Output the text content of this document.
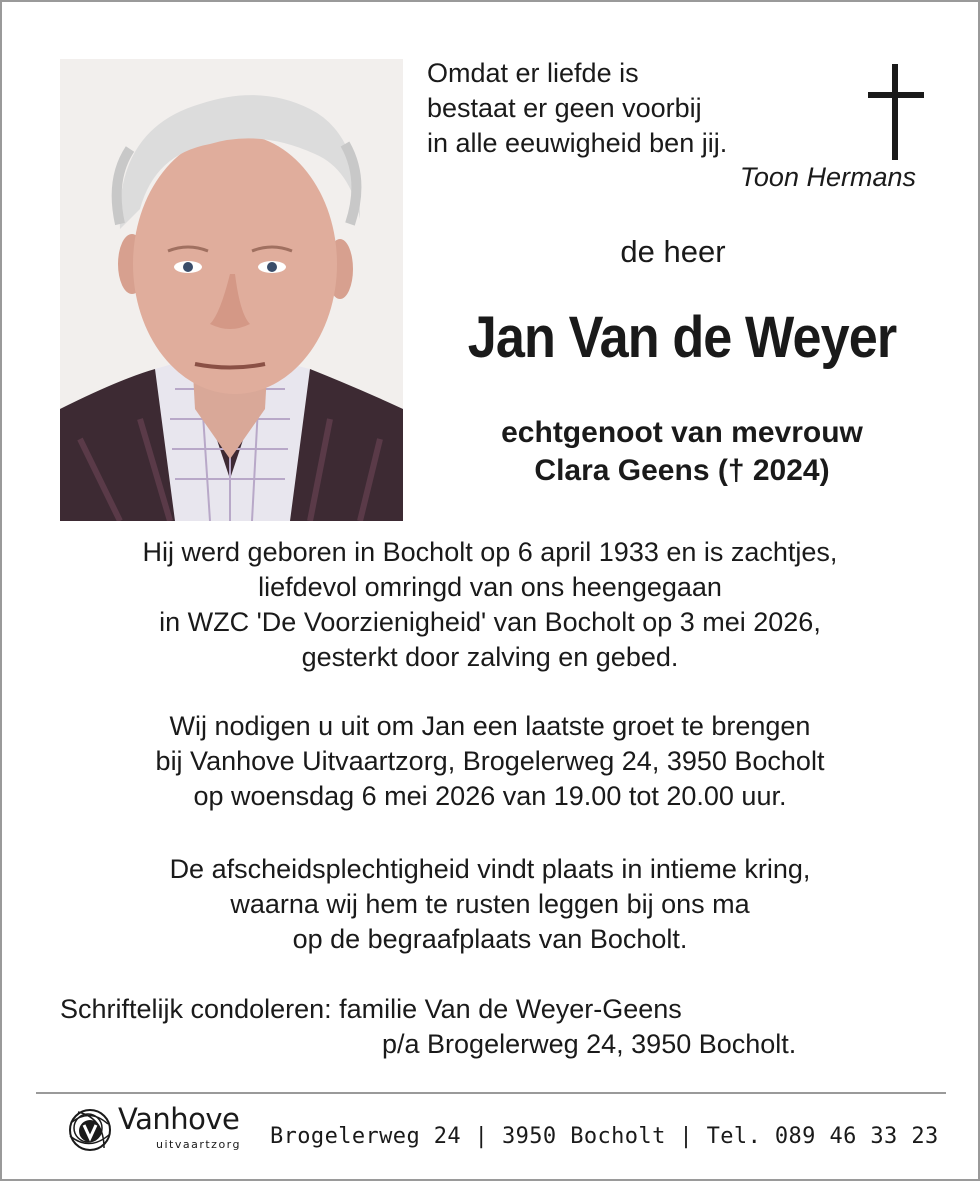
Omdat er liefde is
bestaat er geen voorbij
in alle eeuwigheid ben jij.
Toon Hermans
de heer
Jan Van de Weyer
echtgenoot van mevrouw
Clara Geens († 2024)
Hij werd geboren in Bocholt op 6 april 1933 en is zachtjes,
liefdevol omringd van ons heengegaan
in WZC 'De Voorzienigheid' van Bocholt op 3 mei 2026,
gesterkt door zalving en gebed.
Wij nodigen u uit om Jan een laatste groet te brengen
bij Vanhove Uitvaartzorg, Brogelerweg 24, 3950 Bocholt
op woensdag 6 mei 2026 van 19.00 tot 20.00 uur.
De afscheidsplechtigheid vindt plaats in intieme kring,
waarna wij hem te rusten leggen bij ons ma
op de begraafplaats van Bocholt.
Schriftelijk condoleren: familie Van de Weyer-Geens
p/a Brogelerweg 24, 3950 Bocholt.
Vanhove
uitvaartzorg Brogelerweg 24 | 3950 Bocholt | Tel. 089 46 33 23
